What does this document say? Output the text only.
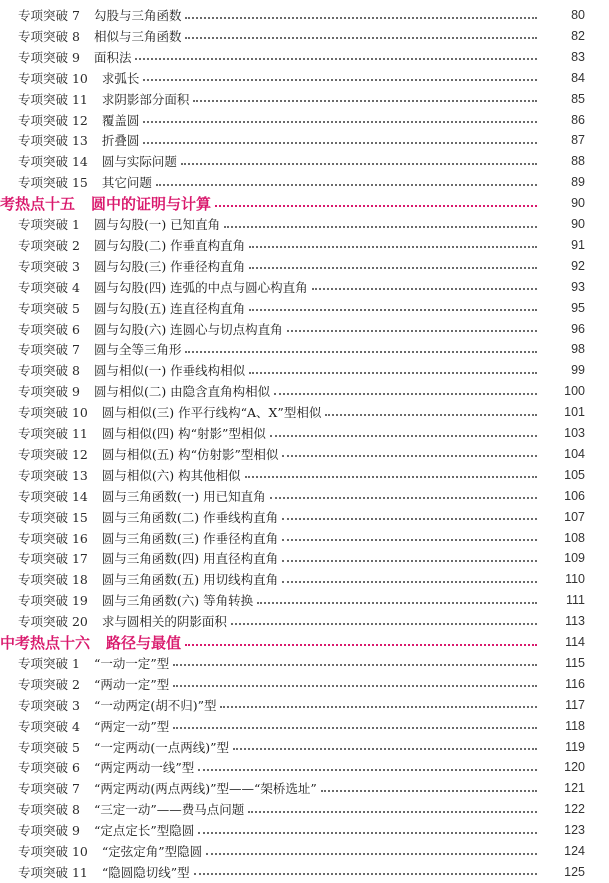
专项突破 7 勾股与三角函数	80
专项突破 8 相似与三角函数	82
专项突破 9 面积法	83
专项突破 10 求弧长	84
专项突破 11 求阴影部分面积	85
专项突破 12 覆盖圆	86
专项突破 13 折叠圆	87
专项突破 14 圆与实际问题	88
专项突破 15 其它问题	89
考热点十五 圆中的证明与计算	90
专项突破 1 圆与勾股(一) 已知直角	90
专项突破 2 圆与勾股(二) 作垂直构直角	91
专项突破 3 圆与勾股(三) 作垂径构直角	92
专项突破 4 圆与勾股(四) 连弧的中点与圆心构直角	93
专项突破 5 圆与勾股(五) 连直径构直角	95
专项突破 6 圆与勾股(六) 连圆心与切点构直角	96
专项突破 7 圆与全等三角形	98
专项突破 8 圆与相似(一) 作垂线构相似	99
专项突破 9 圆与相似(二) 由隐含直角构相似	100
专项突破 10 圆与相似(三) 作平行线构“A、X”型相似	101
专项突破 11 圆与相似(四) 构“射影”型相似	103
专项突破 12 圆与相似(五) 构“仿射影”型相似	104
专项突破 13 圆与相似(六) 构其他相似	105
专项突破 14 圆与三角函数(一) 用已知直角	106
专项突破 15 圆与三角函数(二) 作垂线构直角	107
专项突破 16 圆与三角函数(三) 作垂径构直角	108
专项突破 17 圆与三角函数(四) 用直径构直角	109
专项突破 18 圆与三角函数(五) 用切线构直角	110
专项突破 19 圆与三角函数(六) 等角转换	111
专项突破 20 求与圆相关的阴影面积	113
中考热点十六 路径与最值	114
专项突破 1 “一动一定”型	115
专项突破 2 “两动一定”型	116
专项突破 3 “一动两定(胡不归)”型	117
专项突破 4 “两定一动”型	118
专项突破 5 “一定两动(一点两线)”型	119
专项突破 6 “两定两动一线”型	120
专项突破 7 “两定两动(两点两线)”型——“架桥选址”	121
专项突破 8 “三定一动”——费马点问题	122
专项突破 9 “定点定长”型隐圆	123
专项突破 10 “定弦定角”型隐圆	124
专项突破 11 “隐圆隐切线”型	125
